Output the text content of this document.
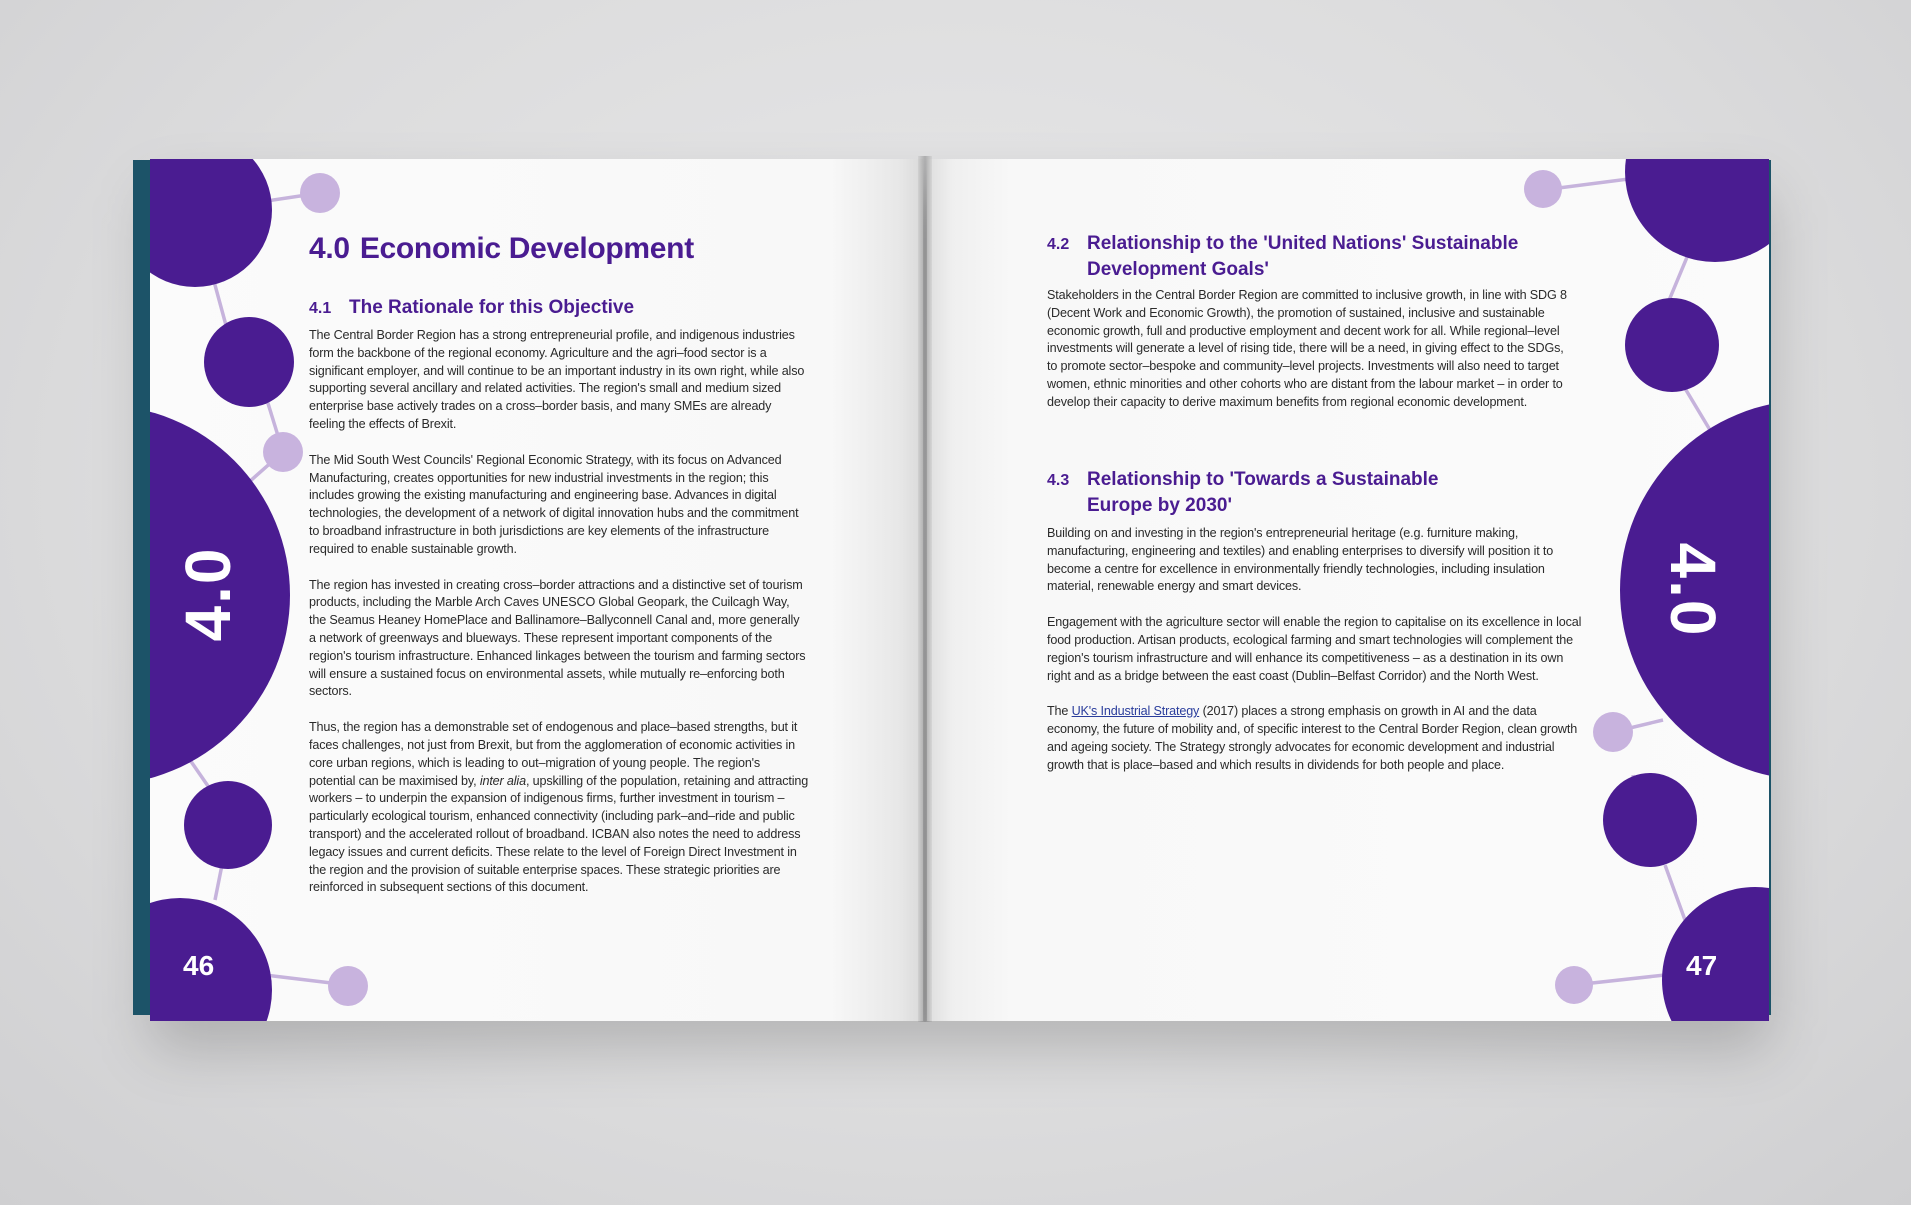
4.0
46
4.0 Economic Development
4.1 The Rationale for this Objective

The Central Border Region has a strong entrepreneurial profile, and indigenous industries form the backbone of the regional economy. Agriculture and the agri–food sector is a significant employer, and will continue to be an important industry in its own right, while also supporting several ancillary and related activities. The region's small and medium sized enterprise base actively trades on a cross–border basis, and many SMEs are already feeling the effects of Brexit.

The Mid South West Councils' Regional Economic Strategy, with its focus on Advanced Manufacturing, creates opportunities for new industrial investments in the region; this includes growing the existing manufacturing and engineering base. Advances in digital technologies, the development of a network of digital innovation hubs and the commitment to broadband infrastructure in both jurisdictions are key elements of the infrastructure required to enable sustainable growth.

The region has invested in creating cross–border attractions and a distinctive set of tourism products, including the Marble Arch Caves UNESCO Global Geopark, the Cuilcagh Way, the Seamus Heaney HomePlace and Ballinamore–Ballyconnell Canal and, more generally a network of greenways and blueways. These represent important components of the region's tourism infrastructure. Enhanced linkages between the tourism and farming sectors will ensure a sustained focus on environmental assets, while mutually re–enforcing both sectors.

Thus, the region has a demonstrable set of endogenous and place–based strengths, but it faces challenges, not just from Brexit, but from the agglomeration of economic activities in core urban regions, which is leading to out–migration of young people. The region's potential can be maximised by, inter alia, upskilling of the population, retaining and attracting workers – to underpin the expansion of indigenous firms, further investment in tourism – particularly ecological tourism, enhanced connectivity (including park–and–ride and public transport) and the accelerated rollout of broadband. ICBAN also notes the need to address legacy issues and current deficits. These relate to the level of Foreign Direct Investment in the region and the provision of suitable enterprise spaces. These strategic priorities are reinforced in subsequent sections of this document.

4.0
47
4.2 Relationship to the 'United Nations' Sustainable
Development Goals'

Stakeholders in the Central Border Region are committed to inclusive growth, in line with SDG 8 (Decent Work and Economic Growth), the promotion of sustained, inclusive and sustainable economic growth, full and productive employment and decent work for all. While regional–level investments will generate a level of rising tide, there will be a need, in giving effect to the SDGs, to promote sector–bespoke and community–level projects. Investments will also need to target women, ethnic minorities and other cohorts who are distant from the labour market – in order to develop their capacity to derive maximum benefits from regional economic development.

4.3 Relationship to 'Towards a Sustainable
Europe by 2030'

Building on and investing in the region's entrepreneurial heritage (e.g. furniture making, manufacturing, engineering and textiles) and enabling enterprises to diversify will position it to become a centre for excellence in environmentally friendly technologies, including insulation material, renewable energy and smart devices.

Engagement with the agriculture sector will enable the region to capitalise on its excellence in local food production. Artisan products, ecological farming and smart technologies will complement the region's tourism infrastructure and will enhance its competitiveness – as a destination in its own right and as a bridge between the east coast (Dublin–Belfast Corridor) and the North West.

The UK's Industrial Strategy (2017) places a strong emphasis on growth in AI and the data economy, the future of mobility and, of specific interest to the Central Border Region, clean growth and ageing society. The Strategy strongly advocates for economic development and industrial growth that is place–based and which results in dividends for both people and place.
